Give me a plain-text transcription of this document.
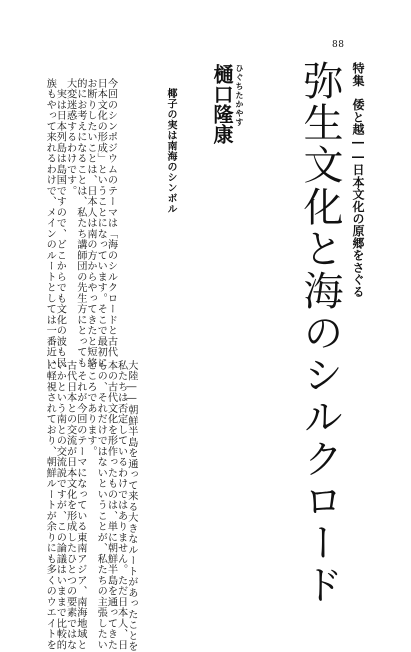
88
特集　倭と越――日本文化の原郷をさぐる
弥生文化と海のシルクロード
ひぐちたかやす
樋口隆康
椰子の実は南海のシンボル
今回のシンポジウムのテーマは「海のシルクロードと古代
日本文化の形成」ということになっています。そこで最初に
お断りしたいことは、日本人は南の方からやってきたと短絡
的にお考えになることは、私たち講師団の先生方にとっても
大変迷惑するわけです。
　実は日本列島は島国ですので、どこからでも文化の波も民
族もやって来れるわけで、メインのルートとしては一番近い
大陸――朝鮮半島を通って来る大きなルートがあったことを
私たちは否定しているわけではありません。ただ日本人、日
本の古代文化を形作ったものは、単に朝鮮半島を通ってきた
もの、それだけではないということが、私たちの主張したい
ところであります。
　それが今回のテーマになっている東南アジア、南海地域と
古代日本との交流が日本文化を形成したひとつの要素ではな
いかという南との交流説ですが、この論議はいままで比較的
に軽視されており、朝鮮ルートが余りにも多くのウエイトを
